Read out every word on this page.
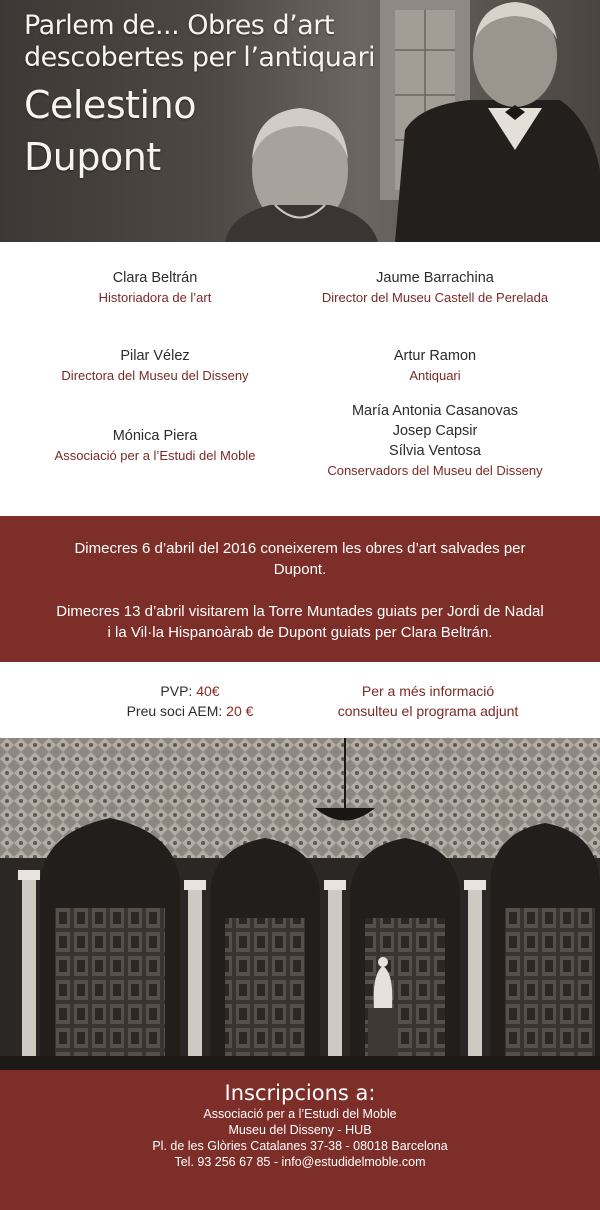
Parlem de... Obres d’art
descobertes per l’antiquari
Celestino
Dupont
Clara Beltrán
Historiadora de l’art
Pilar Vélez
Directora del Museu del Disseny
Mónica Piera
Associació per a l’Estudi del Moble
Jaume Barrachina
Director del Museu Castell de Perelada
Artur Ramon
Antiquari
María Antonia Casanovas
Josep Capsir
Sílvia Ventosa
Conservadors del Museu del Disseny

Dimecres 6 d’abril del 2016 coneixerem les obres d’art salvades per

Dupont.

Dimecres 13 d’abril visitarem la Torre Muntades guiats per Jordi de Nadal

i la Vil·la Hispanoàrab de Dupont guiats per Clara Beltrán.

PVP: 40€
Preu soci AEM: 20 €
Per a més informació
consulteu el programa adjunt
Inscripcions a:
Associació per a l’Estudi del Moble
Museu del Disseny - HUB
Pl. de les Glòries Catalanes 37-38 - 08018 Barcelona
Tel. 93 256 67 85 - info@estudidelmoble.com
